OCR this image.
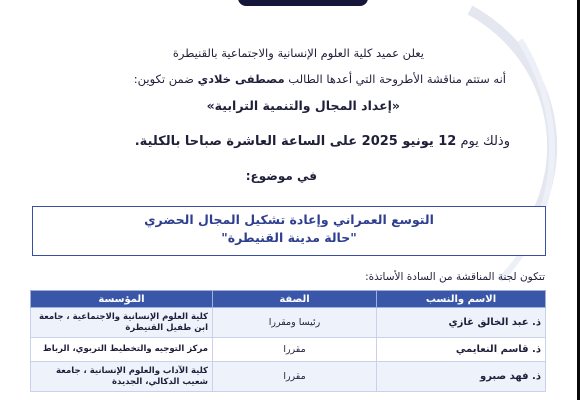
يعلن عميد كلية العلوم الإنسانية والاجتماعية بالقنيطرة
أنه ستتم مناقشة الأطروحة التي أعدها الطالب مصطفى خلادي ضمن تكوين:
«إعداد المجال والتنمية الترابية»
وذلك يوم 12 يونيو 2025 على الساعة العاشرة صباحا بالكلية.
في موضوع:
التوسع العمراني وإعادة تشكيل المجال الحضري
"حالة مدينة القنيطرة"
تتكون لجنة المناقشة من السادة الأساتذة:
الاسم والنسب	الصفة	المؤسسة
ذ. عبد الخالق غازي	رئيسا ومقررا	كلية العلوم الإنسانية والاجتماعية ، جامعة ابن طفيل القنيطرة
ذ. قاسم النعايمي	مقررا	مركز التوجيه والتخطيط التربوي، الرباط
ذ. فهد صبرو	مقررا	كلية الآداب والعلوم الإنسانية ، جامعة شعيب الدكالي، الجديدة
